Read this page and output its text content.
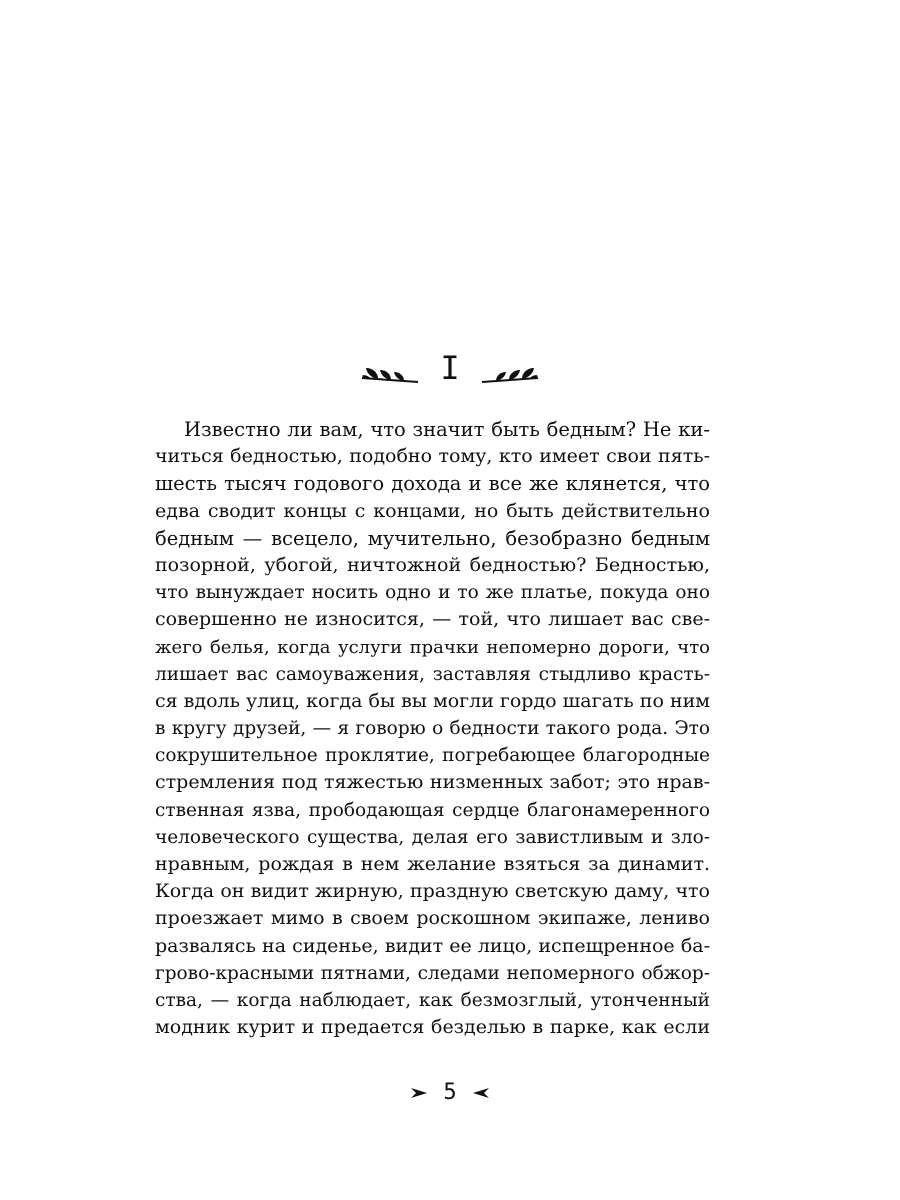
I
Известно ли вам, что значит быть бедным? Не ки-
читься бедностью, подобно тому, кто имеет свои пять-
шесть тысяч годового дохода и все же клянется, что
едва сводит концы с концами, но быть действительно
бедным — всецело, мучительно, безобразно бедным
позорной, убогой, ничтожной бедностью? Бедностью,
что вынуждает носить одно и то же платье, покуда оно
совершенно не износится, — той, что лишает вас све-
жего белья, когда услуги прачки непомерно дороги, что
лишает вас самоуважения, заставляя стыдливо красть-
ся вдоль улиц, когда бы вы могли гордо шагать по ним
в кругу друзей, — я говорю о бедности такого рода. Это
сокрушительное проклятие, погребающее благородные
стремления под тяжестью низменных забот; это нрав-
ственная язва, прободающая сердце благонамеренного
человеческого существа, делая его завистливым и зло-
нравным, рождая в нем желание взяться за динамит.
Когда он видит жирную, праздную светскую даму, что
проезжает мимо в своем роскошном экипаже, лениво
развалясь на сиденье, видит ее лицо, испещренное ба-
грово-красными пятнами, следами непомерного обжор-
ства, — когда наблюдает, как безмозглый, утонченный
модник курит и предается безделью в парке, как если
5
